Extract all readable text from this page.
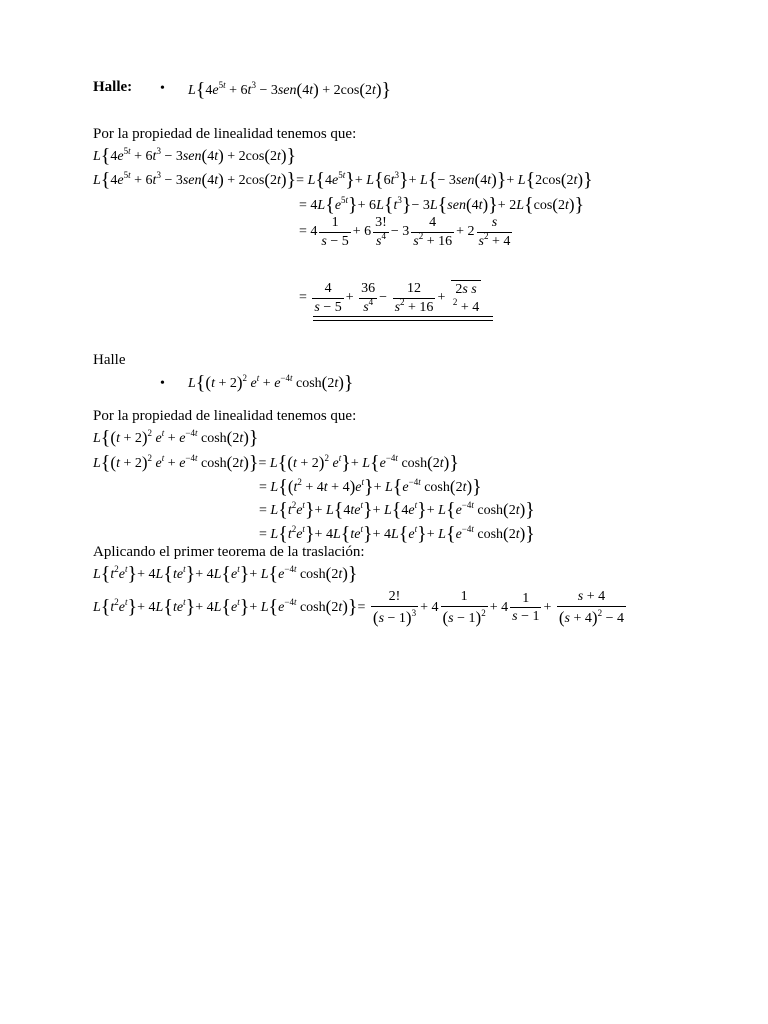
Halle: • $L\{4e^{5t} + 6t^3 - 3sen(4t) + 2\cos(2t)\}$
Por la propiedad de linealidad tenemos que:
$L\{4e^{5t} + 6t^3 - 3sen(4t) + 2\cos(2t)\}$
$L\{4e^{5t} + 6t^3 - 3sen(4t) + 2\cos(2t)\}= L\{4e^{5t}\}+ L\{6t^3\}+ L\{- 3sen(4t)\}+ L\{2\cos(2t)\}$
= $4L\{e^{5t}\}+ 6L\{t^3\}- 3L\{sen(4t)\}+ 2L\{\cos(2t)\}$
= $4 \frac{1}{s - 5} + 6 \frac{3!}{s^4} - 3 \frac{4}{s^2 + 16} + 2 \frac{s}{s^2 + 4}$
= $\frac{4}{s - 5} + \frac{36}{s^4} - \frac{12}{s^2 + 16}$ +
2s s
$^2$ + 4
Halle
• $L\{(t + 2)^2$ $e^t + e^{-4t}$ cosh(2t)}
Por la propiedad de linealidad tenemos que:
$L\{(t + 2)^2$ $e^t + e^{-4t}$ cosh(2t)}
$L\{(t + 2)^2$ $e^t + e^{-4t}$ $\cosh(2t)\}= L\{(t + 2)^2$ $e^t\}+ L\{e^{-4t}$ cosh(2t)}
= $L\{(t^2 + 4t + 4)e^t\}+ L\{e^{-4t}$ cosh(2t)}
= $L\{t^2e^t\}+ L\{4te^t\}+ L\{4e^t\}+ L\{e^{-4t}$ cosh(2t)}
= $L\{t^2e^t\}+ 4L\{te^t\}+ 4L\{e^t\}+ L\{e^{-4t}$ cosh(2t)}
Aplicando el primer teorema de la traslación:
$L\{t^2e^t\}+ 4L\{te^t\}+ 4L\{e^t\}+ L\{e^{-4t}$ cosh(2t)}
$L\{t^2e^t\}+ 4L\{te^t\}+ 4L\{e^t\}+ L\{e^{-4t}$ $\cosh(2t)\}= \frac{2!}{(s - 1)^3} + 4 \frac{1}{(s - 1)^2} + 4 \frac{1}{s - 1} + \frac{s + 4}{(s + 4)^2 - 4}$
